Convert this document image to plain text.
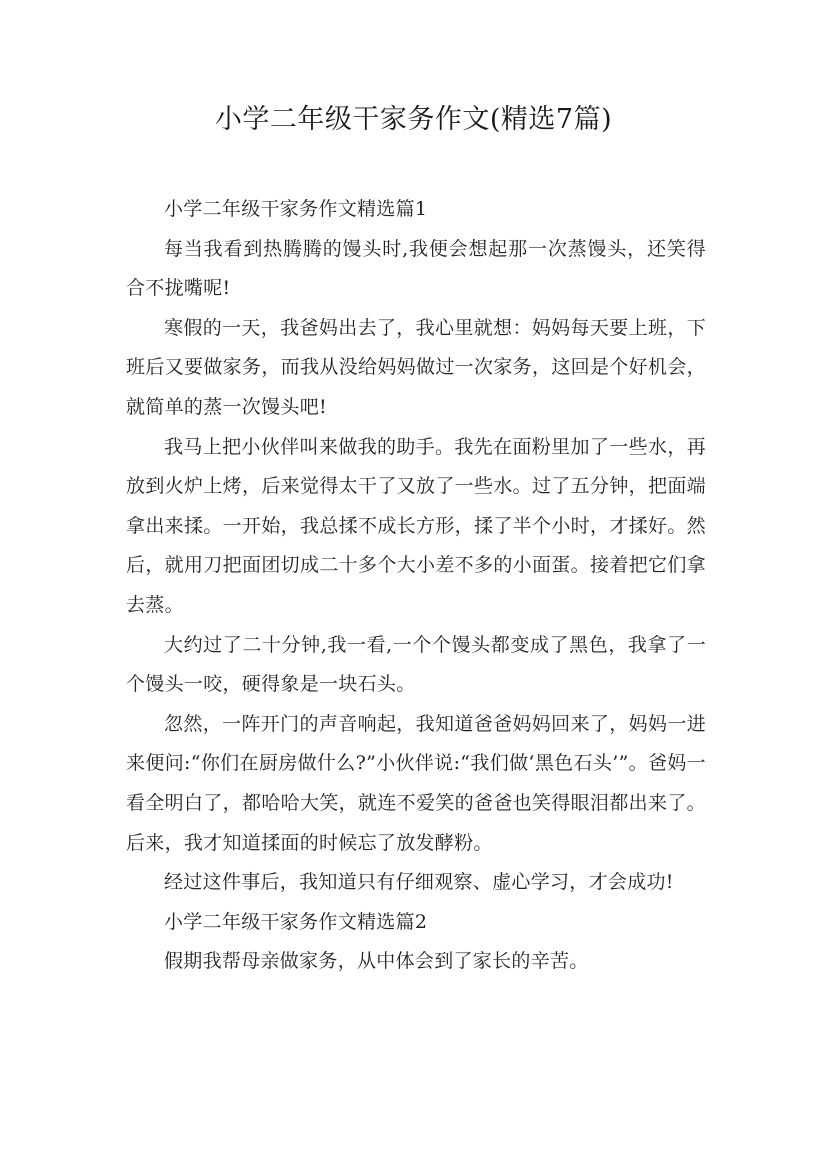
小学二年级干家务作文(精选7篇)

小学二年级干家务作文精选篇1

每当我看到热腾腾的馒头时,我便会想起那一次蒸馒头，还笑得合不拢嘴呢!

寒假的一天，我爸妈出去了，我心里就想：妈妈每天要上班，下班后又要做家务，而我从没给妈妈做过一次家务，这回是个好机会，就简单的蒸一次馒头吧!

我马上把小伙伴叫来做我的助手。我先在面粉里加了一些水，再放到火炉上烤，后来觉得太干了又放了一些水。过了五分钟，把面端拿出来揉。一开始，我总揉不成长方形，揉了半个小时，才揉好。然后，就用刀把面团切成二十多个大小差不多的小面蛋。接着把它们拿去蒸。

大约过了二十分钟,我一看,一个个馒头都变成了黑色，我拿了一个馒头一咬，硬得象是一块石头。

忽然，一阵开门的声音响起，我知道爸爸妈妈回来了，妈妈一进来便问:“你们在厨房做什么?”小伙伴说:“我们做‘黑色石头’”。爸妈一看全明白了，都哈哈大笑，就连不爱笑的爸爸也笑得眼泪都出来了。后来，我才知道揉面的时候忘了放发酵粉。

经过这件事后，我知道只有仔细观察、虚心学习，才会成功!

小学二年级干家务作文精选篇2

假期我帮母亲做家务，从中体会到了家长的辛苦。
